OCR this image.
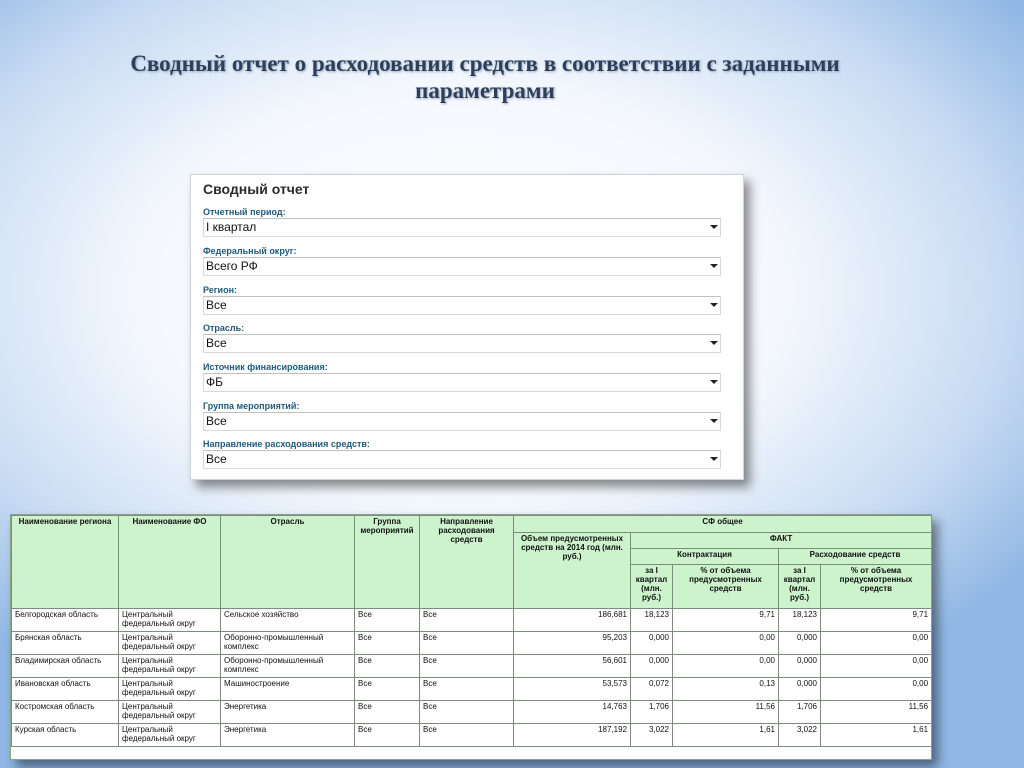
Сводный отчет о расходовании средств в соответствии с заданными параметрами
Сводный отчет
Отчетный период:
I квартал
Федеральный округ:
Всего РФ
Регион:
Все
Отрасль:
Все
Источник финансирования:
ФБ
Группа мероприятий:
Все
Направление расходования средств:
Все
Наименование региона	Наименование ФО	Отрасль	Группа мероприятий	Направление расходования средств	СФ общее				
					Объем предусмотренных средств на 2014 год (млн. руб.)	ФАКТ			
						Контрактация		Расходование средств	
						за I квартал (млн. руб.)	% от объема предусмотренных средств	за I квартал (млн. руб.)	% от объема предусмотренных средств
Белгородская область	Центральный федеральный округ	Сельское хозяйство	Все	Все	186,681	18,123	9,71	18,123	9,71
Брянская область	Центральный федеральный округ	Оборонно-промышленный комплекс	Все	Все	95,203	0,000	0,00	0,000	0,00
Владимирская область	Центральный федеральный округ	Оборонно-промышленный комплекс	Все	Все	56,601	0,000	0,00	0,000	0,00
Ивановская область	Центральный федеральный округ	Машиностроение	Все	Все	53,573	0,072	0,13	0,000	0,00
Костромская область	Центральный федеральный округ	Энергетика	Все	Все	14,763	1,706	11,56	1,706	11,56
Курская область	Центральный федеральный округ	Энергетика	Все	Все	187,192	3,022	1,61	3,022	1,61
